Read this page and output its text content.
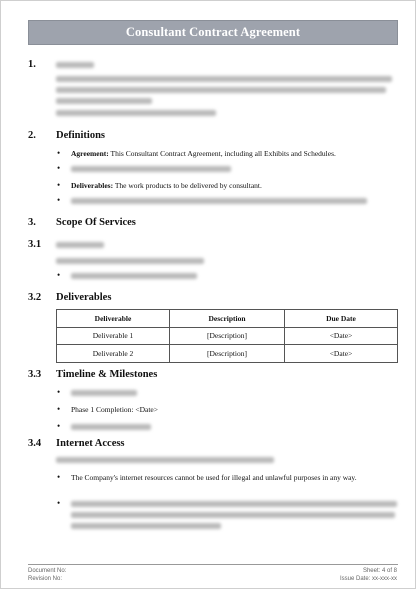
Consultant Contract Agreement
1.
2. Definitions
• Agreement: This Consultant Contract Agreement, including all Exhibits and Schedules.
•
• Deliverables: The work products to be delivered by consultant.
•
3. Scope Of Services
3.1
•
3.2 Deliverables
Deliverable	Description	Due Date
Deliverable 1	[Description]	<Date>
Deliverable 2	[Description]	<Date>
3.3 Timeline & Milestones
•
• Phase 1 Completion: <Date>
•
3.4 Internet Access
• The Company's internet resources cannot be used for illegal and unlawful purposes in any way.
•
Document No:
Revision No:
Sheet: 4 of 8
Issue Date: xx-xxx-xx
